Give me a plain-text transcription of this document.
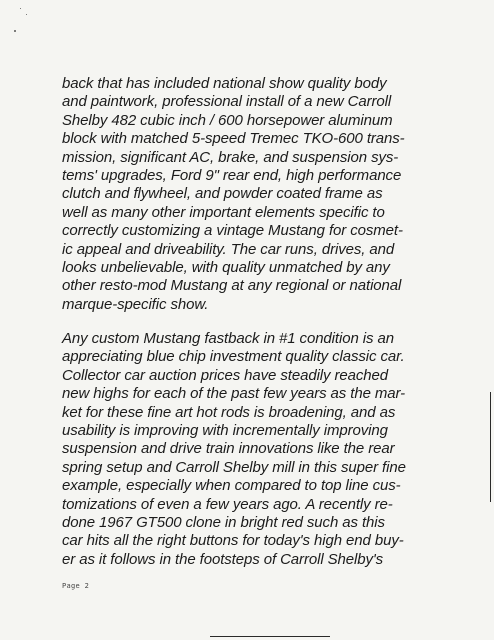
back that has included national show quality body
and paintwork, professional install of a new Carroll
Shelby 482 cubic inch / 600 horsepower aluminum
block with matched 5-speed Tremec TKO-600 trans-
mission, significant AC, brake, and suspension sys-
tems' upgrades, Ford 9" rear end, high performance
clutch and flywheel, and powder coated frame as
well as many other important elements specific to
correctly customizing a vintage Mustang for cosmet-
ic appeal and driveability. The car runs, drives, and
looks unbelievable, with quality unmatched by any
other resto-mod Mustang at any regional or national
marque-specific show.

Any custom Mustang fastback in #1 condition is an
appreciating blue chip investment quality classic car.
Collector car auction prices have steadily reached
new highs for each of the past few years as the mar-
ket for these fine art hot rods is broadening, and as
usability is improving with incrementally improving
suspension and drive train innovations like the rear
spring setup and Carroll Shelby mill in this super fine
example, especially when compared to top line cus-
tomizations of even a few years ago. A recently re-
done 1967 GT500 clone in bright red such as this
car hits all the right buttons for today's high end buy-
er as it follows in the footsteps of Carroll Shelby's

Page 2
